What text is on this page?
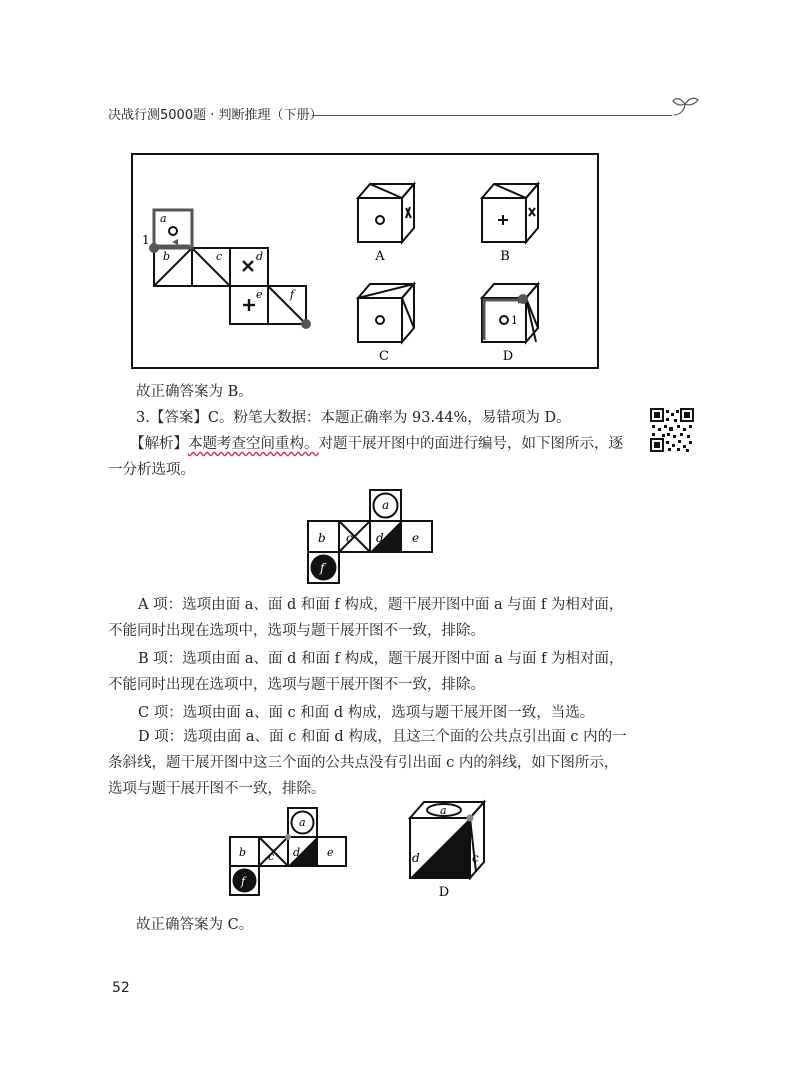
决战行测5000题 · 判断推理（下册）
a
b	c	d
e f
1
A	B
C
1
D
故正确答案为 B。
3.【答案】C。粉笔大数据：本题正确率为 93.44%，易错项为 D。
【解析】本题考查空间重构。对题干展开图中的面进行编号，如下图所示，逐一分析选项。
a
b c d e
f
A 项：选项由面 a、面 d 和面 f 构成，题干展开图中面 a 与面 f 为相对面，不能同时出现在选项中，选项与题干展开图不一致，排除。
B 项：选项由面 a、面 d 和面 f 构成，题干展开图中面 a 与面 f 为相对面，不能同时出现在选项中，选项与题干展开图不一致，排除。
C 项：选项由面 a、面 c 和面 d 构成，选项与题干展开图一致，当选。
D 项：选项由面 a、面 c 和面 d 构成，且这三个面的公共点引出面 c 内的一条斜线，题干展开图中这三个面的公共点没有引出面 c 内的斜线，如下图所示，选项与题干展开图不一致，排除。
a
b c d e
f
a
d	c
D
故正确答案为 C。
52
